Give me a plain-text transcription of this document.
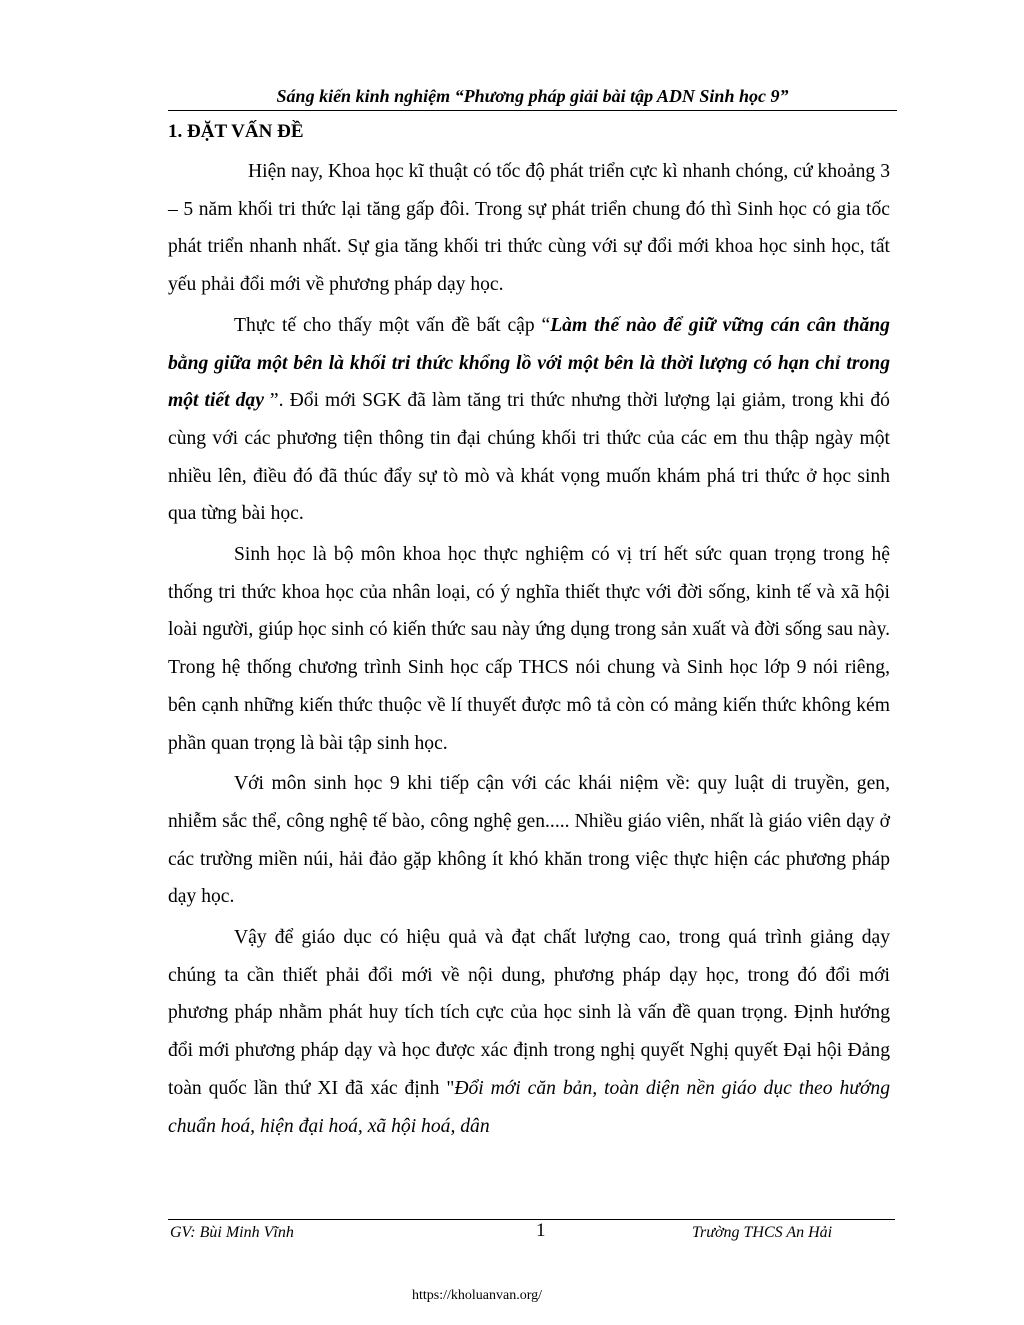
Sáng kiến kinh nghiệm “Phương pháp giải bài tập ADN Sinh học 9”
1. ĐẶT VẤN ĐỀ

Hiện nay, Khoa học kĩ thuật có tốc độ phát triển cực kì nhanh chóng, cứ khoảng 3 – 5 năm khối tri thức lại tăng gấp đôi. Trong sự phát triển chung đó thì Sinh học có gia tốc phát triển nhanh nhất. Sự gia tăng khối tri thức cùng với sự đổi mới khoa học sinh học, tất yếu phải đổi mới về phương pháp dạy học.

Thực tế cho thấy một vấn đề bất cập “Làm thế nào để giữ vững cán cân thăng bằng giữa một bên là khối tri thức khổng lồ với một bên là thời lượng có hạn chỉ trong một tiết dạy ”. Đổi mới SGK đã làm tăng tri thức nhưng thời lượng lại giảm, trong khi đó cùng với các phương tiện thông tin đại chúng khối tri thức của các em thu thập ngày một nhiều lên, điều đó đã thúc đẩy sự tò mò và khát vọng muốn khám phá tri thức ở học sinh qua từng bài học.

Sinh học là bộ môn khoa học thực nghiệm có vị trí hết sức quan trọng trong hệ thống tri thức khoa học của nhân loại, có ý nghĩa thiết thực với đời sống, kinh tế và xã hội loài người, giúp học sinh có kiến thức sau này ứng dụng trong sản xuất và đời sống sau này. Trong hệ thống chương trình Sinh học cấp THCS nói chung và Sinh học lớp 9 nói riêng, bên cạnh những kiến thức thuộc về lí thuyết được mô tả còn có mảng kiến thức không kém phần quan trọng là bài tập sinh học.

Với môn sinh học 9 khi tiếp cận với các khái niệm về: quy luật di truyền, gen, nhiễm sắc thể, công nghệ tế bào, công nghệ gen..... Nhiều giáo viên, nhất là giáo viên dạy ở các trường miền núi, hải đảo gặp không ít khó khăn trong việc thực hiện các phương pháp dạy học.

Vậy để giáo dục có hiệu quả và đạt chất lượng cao, trong quá trình giảng dạy chúng ta cần thiết phải đổi mới về nội dung, phương pháp dạy học, trong đó đổi mới phương pháp nhằm phát huy tích tích cực của học sinh là vấn đề quan trọng. Định hướng đổi mới phương pháp dạy và học được xác định trong nghị quyết Nghị quyết Đại hội Đảng toàn quốc lần thứ XI đã xác định "Đổi mới căn bản, toàn diện nền giáo dục theo hướng chuẩn hoá, hiện đại hoá, xã hội hoá, dân

GV: Bùi Minh Vĩnh	1	Trường THCS An Hải
https://kholuanvan.org/
